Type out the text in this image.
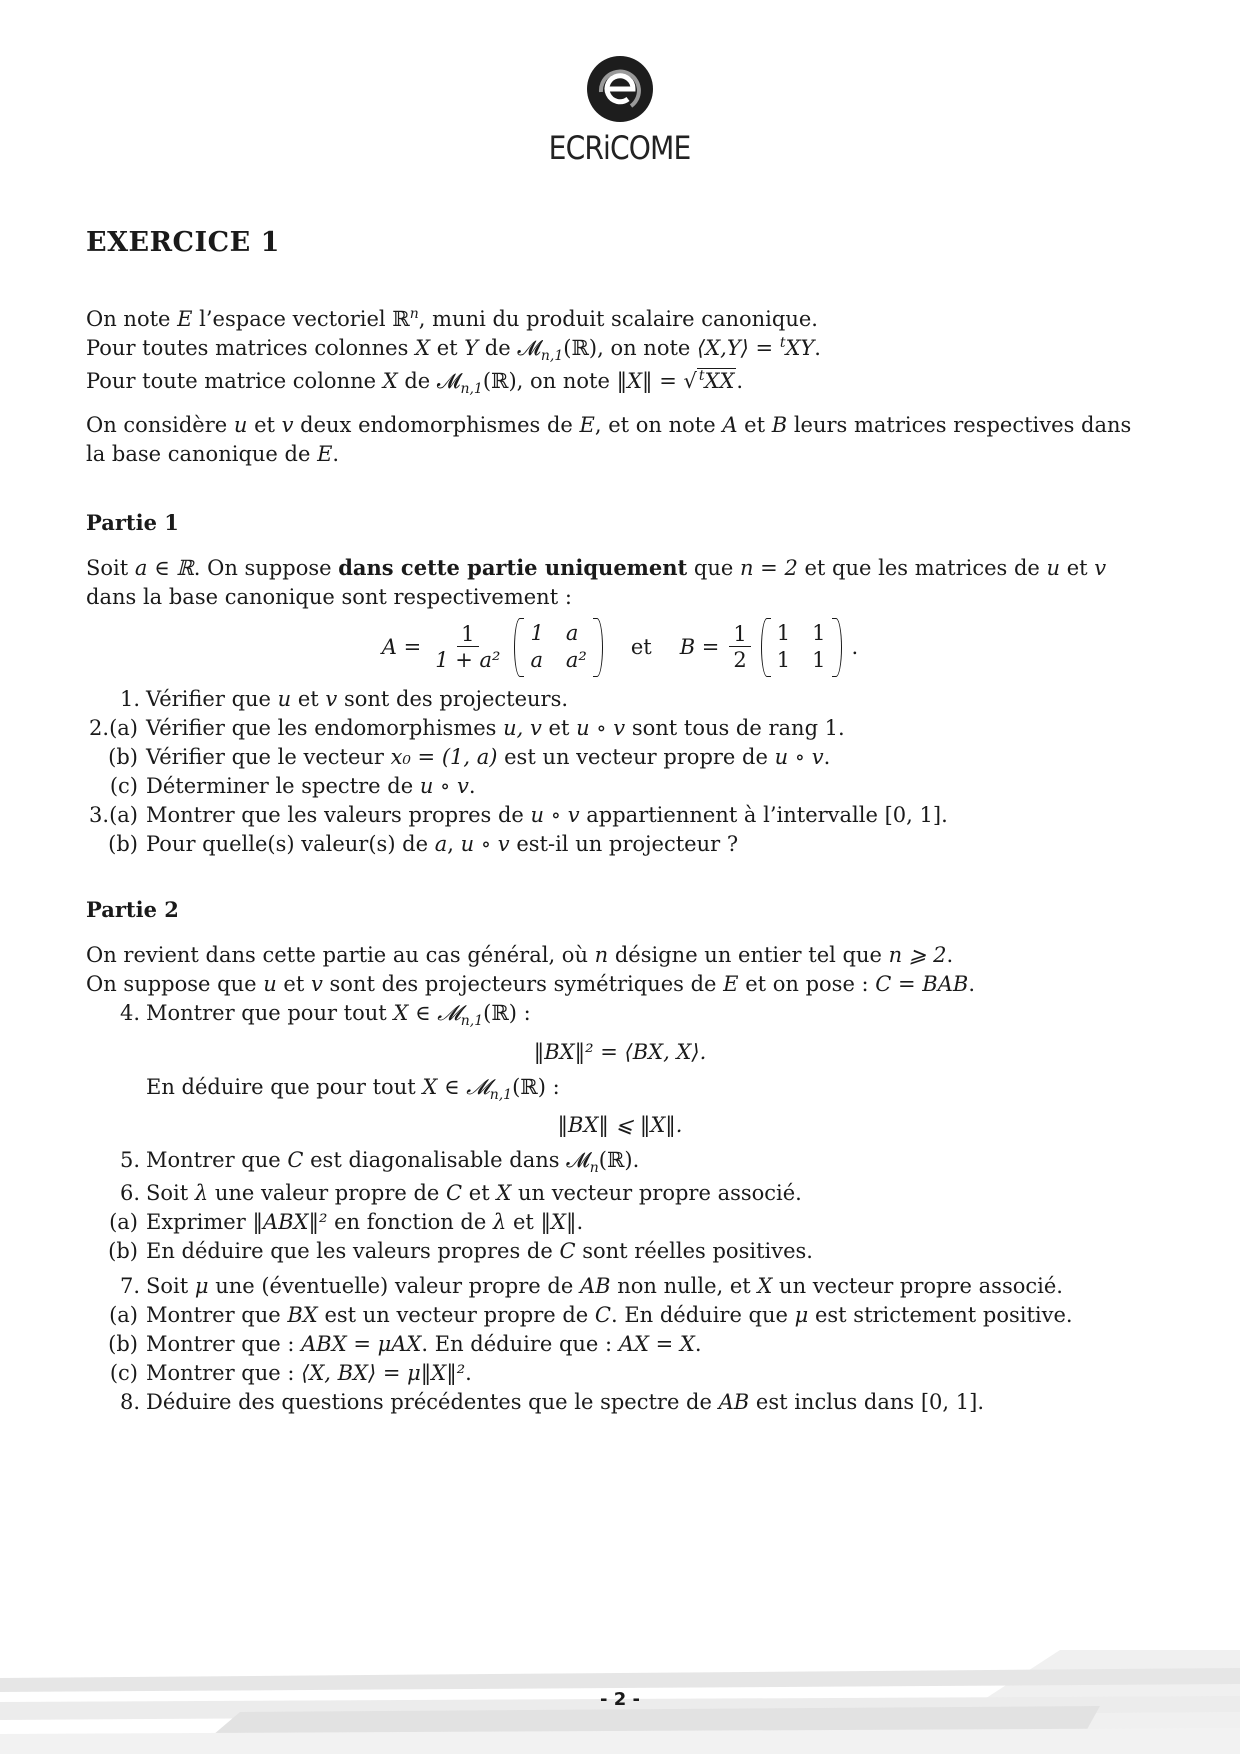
ECRiCOME
EXERCICE 1

On note E l’espace vectoriel ℝ$^n$, muni du produit scalaire canonique.

Pour toutes matrices colonnes X et Y de 𝓜$_{n,1}$(ℝ), on note ⟨X,Y⟩ = $^t$XY.

Pour toute matrice colonne X de 𝓜$_{n,1}$(ℝ), on note ‖X‖ = √ $^t$XX.

On considère u et v deux endomorphismes de E, et on note A et B leurs matrices respectives dans la base canonique de E.

Partie 1

Soit a ∈ ℝ. On suppose dans cette partie uniquement que n = 2 et que les matrices de u et v dans la base canonique sont respectivement :

$A = \frac{1}{\text{1 + a²}} 1$ a
a a²
et $B = \frac{1}{2} 1$ 1
1 1
.

1. Vérifier que u et v sont des projecteurs.

2.(a) Vérifier que les endomorphismes u, v et u ∘ v sont tous de rang 1.

(b) Vérifier que le vecteur x₀ = (1, a) est un vecteur propre de u ∘ v.

(c) Déterminer le spectre de u ∘ v.

3.(a) Montrer que les valeurs propres de u ∘ v appartiennent à l’intervalle [0, 1].

(b) Pour quelle(s) valeur(s) de a, u ∘ v est-il un projecteur ?

Partie 2

On revient dans cette partie au cas général, où n désigne un entier tel que n ⩾ 2.

On suppose que u et v sont des projecteurs symétriques de E et on pose : C = BAB.

4. Montrer que pour tout X ∈ 𝓜$_{n,1}$(ℝ) :

‖BX‖² = ⟨BX, X⟩.

En déduire que pour tout X ∈ 𝓜$_{n,1}$(ℝ) :

‖BX‖ ⩽ ‖X‖.

5. Montrer que C est diagonalisable dans 𝓜$_n$(ℝ).

6. Soit λ une valeur propre de C et X un vecteur propre associé.

(a) Exprimer ‖ABX‖² en fonction de λ et ‖X‖.

(b) En déduire que les valeurs propres de C sont réelles positives.

7. Soit μ une (éventuelle) valeur propre de AB non nulle, et X un vecteur propre associé.

(a) Montrer que BX est un vecteur propre de C. En déduire que μ est strictement positive.

(b) Montrer que : ABX = μAX. En déduire que : AX = X.

(c) Montrer que : ⟨X, BX⟩ = μ‖X‖².

8. Déduire des questions précédentes que le spectre de AB est inclus dans [0, 1].

- 2 -
